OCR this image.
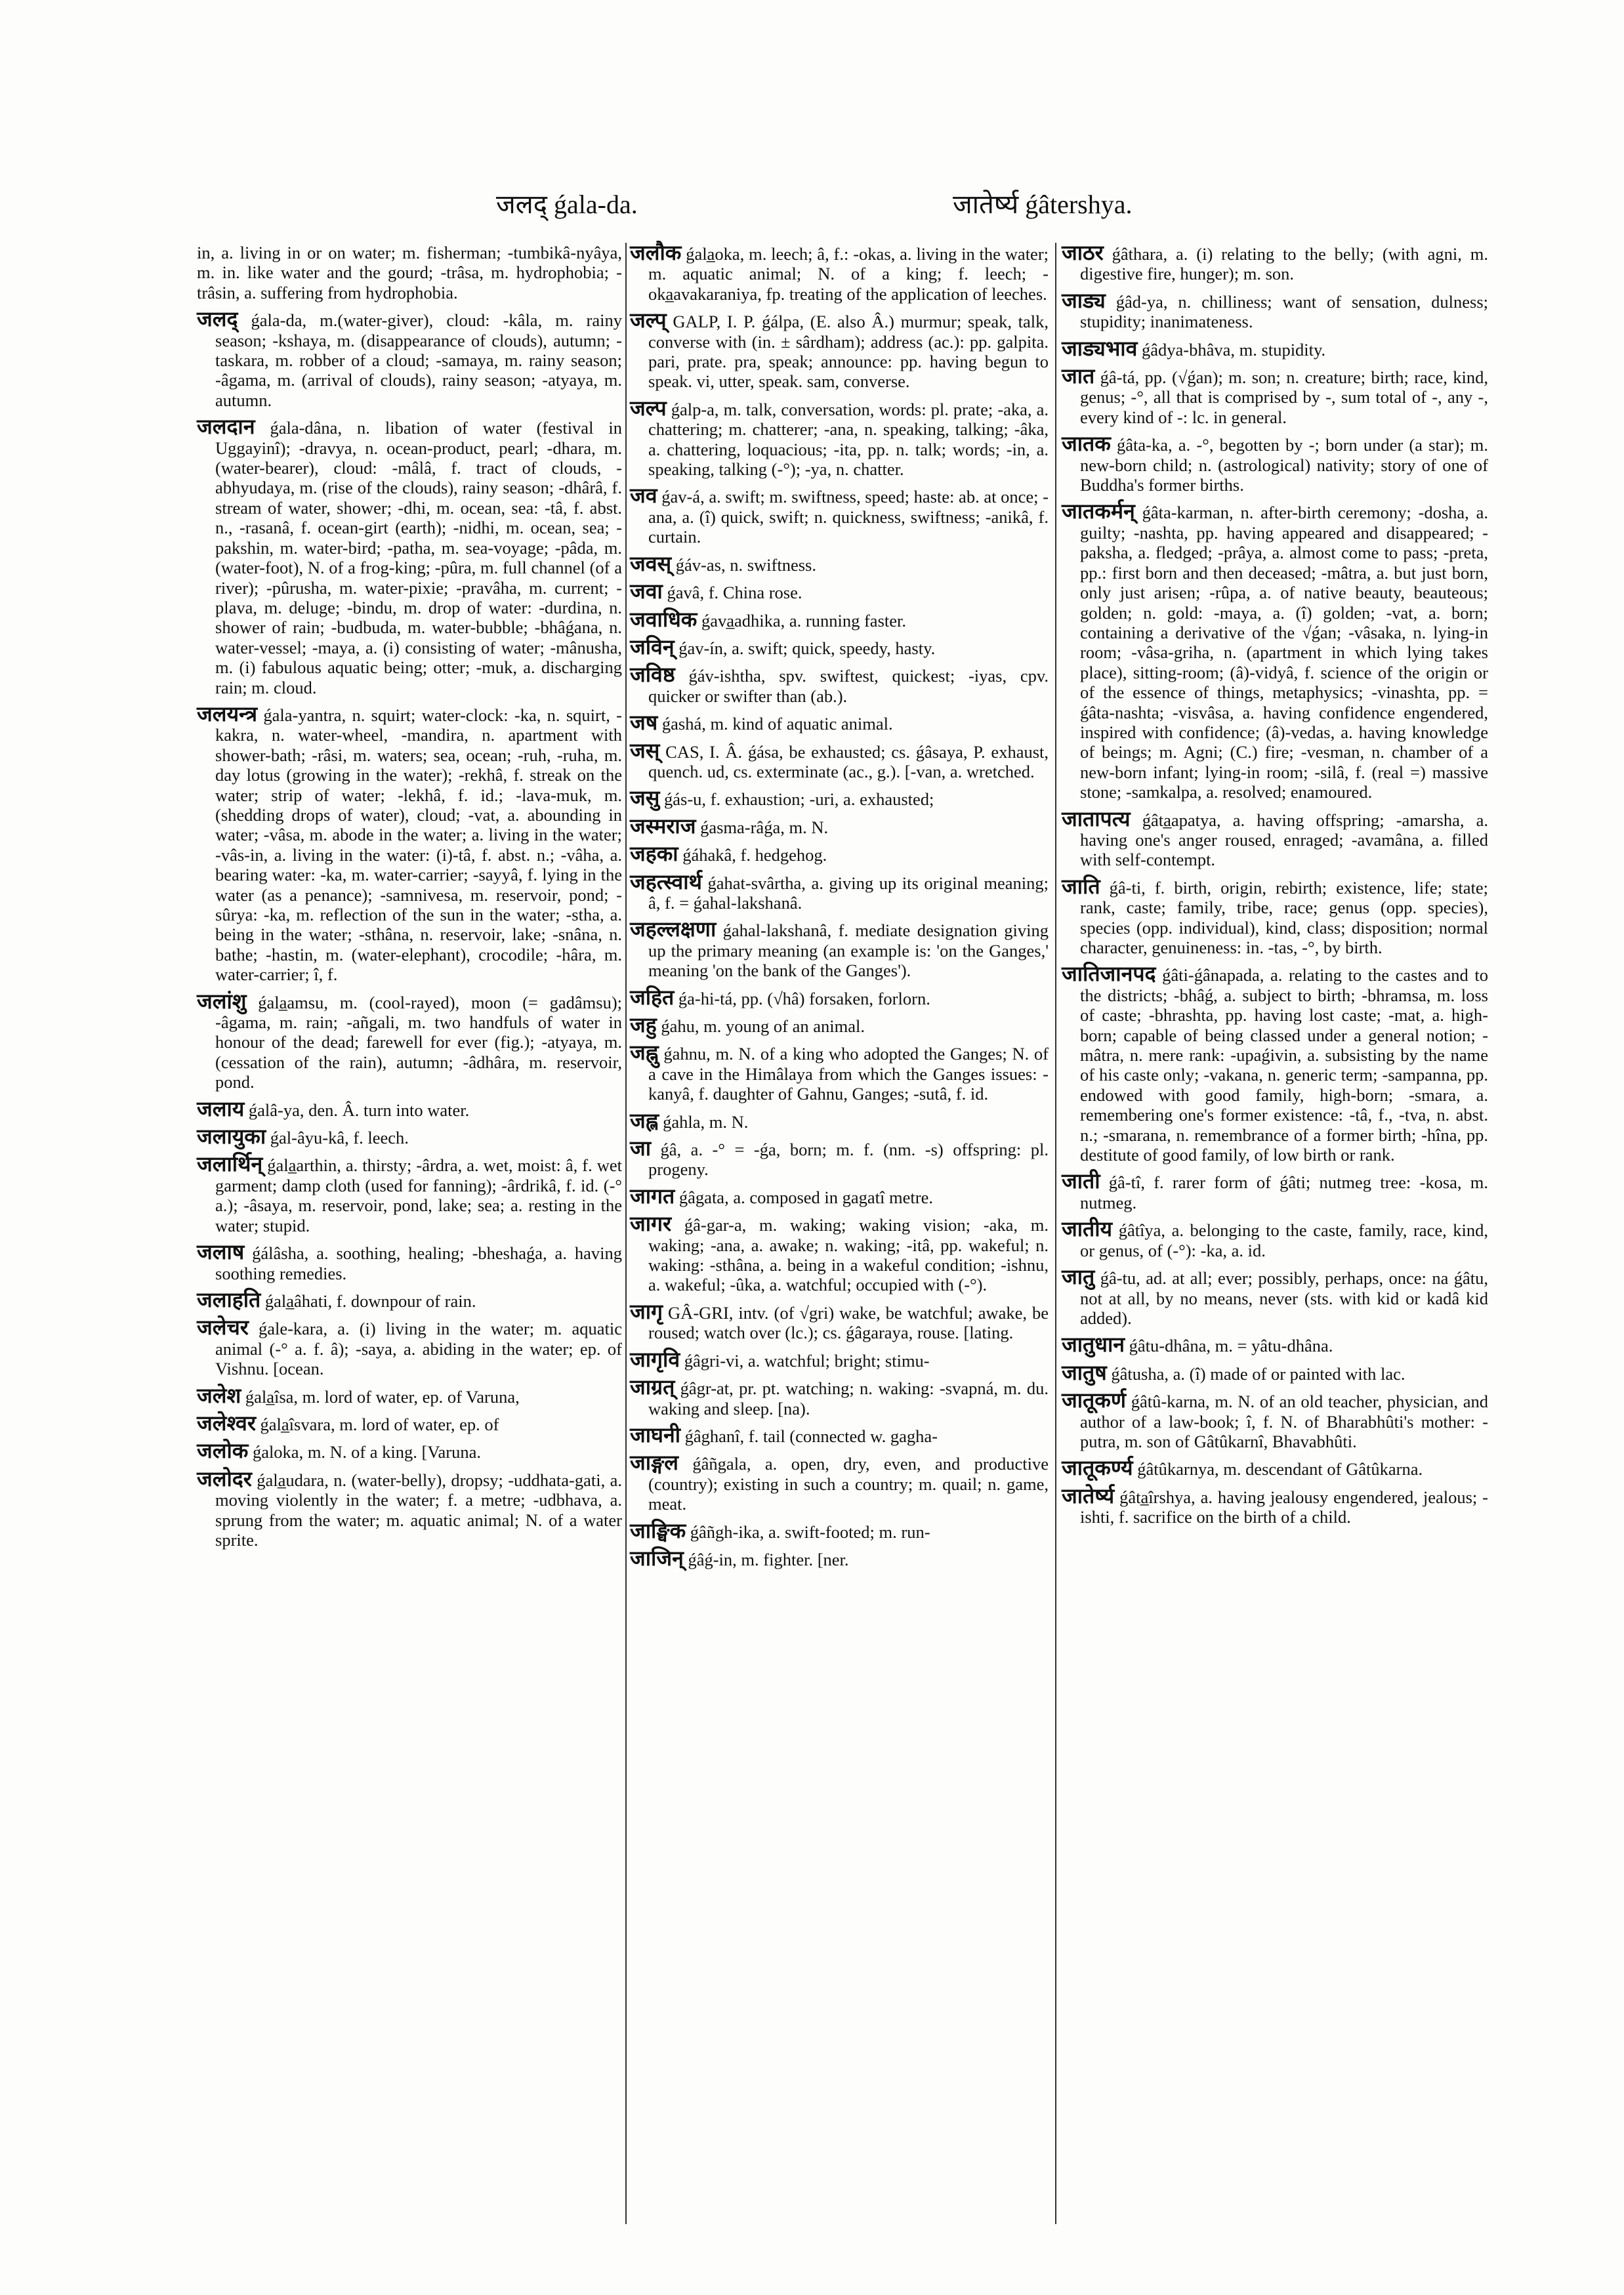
जलद् ǵala-da.	जातेर्ष्य ǵâtershya.

in, a. living in or on water; m. fisherman; -tumbikâ-nyâya, m. in. like water and the gourd; -trâsa, m. hydrophobia; -trâsin, a. suffering from hydrophobia.

जलद् ǵala-da, m.(water-giver), cloud: -kâla, m. rainy season; -kshaya, m. (disappearance of clouds), autumn; -taskara, m. robber of a cloud; -samaya, m. rainy season; -âgama, m. (arrival of clouds), rainy season; -atyaya, m. autumn.

जलदान ǵala-dâna, n. libation of water (festival in Uggayinî); -dravya, n. ocean-product, pearl; -dhara, m.(water-bearer), cloud: -mâlâ, f. tract of clouds, -abhyudaya, m. (rise of the clouds), rainy season; -dhârâ, f. stream of water, shower; -dhi, m. ocean, sea: -tâ, f. abst. n., -rasanâ, f. ocean-girt (earth); -nidhi, m. ocean, sea; -pakshin, m. water-bird; -patha, m. sea-voyage; -pâda, m. (water-foot), N. of a frog-king; -pûra, m. full channel (of a river); -pûrusha, m. water-pixie; -pravâha, m. current; -plava, m. deluge; -bindu, m. drop of water: -durdina, n. shower of rain; -budbuda, m. water-bubble; -bhâǵana, n. water-vessel; -maya, a. (i) consisting of water; -mânusha, m. (i) fabulous aquatic being; otter; -muk, a. discharging rain; m. cloud.

जलयन्त्र ǵala-yantra, n. squirt; water-clock: -ka, n. squirt, -kakra, n. water-wheel, -mandira, n. apartment with shower-bath; -râsi, m. waters; sea, ocean; -ruh, -ruha, m. day lotus (growing in the water); -rekhâ, f. streak on the water; strip of water; -lekhâ, f. id.; -lava-muk, m. (shedding drops of water), cloud; -vat, a. abounding in water; -vâsa, m. abode in the water; a. living in the water; -vâs-in, a. living in the water: (i)-tâ, f. abst. n.; -vâha, a. bearing water: -ka, m. water-carrier; -sayyâ, f. lying in the water (as a penance); -samnivesa, m. reservoir, pond; -sûrya: -ka, m. reflection of the sun in the water; -stha, a. being in the water; -sthâna, n. reservoir, lake; -snâna, n. bathe; -hastin, m. (water-elephant), crocodile; -hâra, m. water-carrier; î, f.

जलांशु ǵala̲amsu, m. (cool-rayed), moon (= gadâmsu); -âgama, m. rain; -añgali, m. two handfuls of water in honour of the dead; farewell for ever (fig.); -atyaya, m. (cessation of the rain), autumn; -âdhâra, m. reservoir, pond.

जलाय ǵalâ-ya, den. Â. turn into water.

जलायुका ǵal-âyu-kâ, f. leech.

जलार्थिन् ǵala̲arthin, a. thirsty; -ârdra, a. wet, moist: â, f. wet garment; damp cloth (used for fanning); -ârdrikâ, f. id. (-° a.); -âsaya, m. reservoir, pond, lake; sea; a. resting in the water; stupid.

जलाष ǵálâsha, a. soothing, healing; -bheshaǵa, a. having soothing remedies.

जलाहति ǵala̲âhati, f. downpour of rain.

जलेचर ǵale-kara, a. (i) living in the water; m. aquatic animal (-° a. f. â); -saya, a. abiding in the water; ep. of Vishnu. [ocean.

जलेश ǵala̲îsa, m. lord of water, ep. of Varuna,

जलेश्वर ǵala̲îsvara, m. lord of water, ep. of

जलोक ǵaloka, m. N. of a king. [Varuna.

जलोदर ǵala̲udara, n. (water-belly), dropsy; -uddhata-gati, a. moving violently in the water; f. a metre; -udbhava, a. sprung from the water; m. aquatic animal; N. of a water sprite.

जलौक ǵala̲oka, m. leech; â, f.: -okas, a. living in the water; m. aquatic animal; N. of a king; f. leech; -oka̲avakaraniya, fp. treating of the application of leeches.

जल्प् GALP, I. P. ǵálpa, (E. also Â.) murmur; speak, talk, converse with (in. ± sârdham); address (ac.): pp. galpita. pari, prate. pra, speak; announce: pp. having begun to speak. vi, utter, speak. sam, converse.

जल्प ǵalp-a, m. talk, conversation, words: pl. prate; -aka, a. chattering; m. chatterer; -ana, n. speaking, talking; -âka, a. chattering, loquacious; -ita, pp. n. talk; words; -in, a. speaking, talking (-°); -ya, n. chatter.

जव ǵav-á, a. swift; m. swiftness, speed; haste: ab. at once; -ana, a. (î) quick, swift; n. quickness, swiftness; -anikâ, f. curtain.

जवस् ǵáv-as, n. swiftness.

जवा ǵavâ, f. China rose.

जवाधिक ǵava̲adhika, a. running faster.

जविन् ǵav-ín, a. swift; quick, speedy, hasty.

जविष्ठ ǵáv-ishtha, spv. swiftest, quickest; -iyas, cpv. quicker or swifter than (ab.).

जष ǵashá, m. kind of aquatic animal.

जस् CAS, I. Â. ǵása, be exhausted; cs. ǵâsaya, P. exhaust, quench. ud, cs. exterminate (ac., g.). [-van, a. wretched.

जसु ǵás-u, f. exhaustion; -uri, a. exhausted;

जस्मराज ǵasma-râǵa, m. N.

जहका ǵáhakâ, f. hedgehog.

जहत्स्वार्थ ǵahat-svârtha, a. giving up its original meaning; â, f. = ǵahal-lakshanâ.

जहल्लक्षणा ǵahal-lakshanâ, f. mediate designation giving up the primary meaning (an example is: 'on the Ganges,' meaning 'on the bank of the Ganges').

जहित ǵa-hi-tá, pp. (√hâ) forsaken, forlorn.

जहु ǵahu, m. young of an animal.

जह्नु ǵahnu, m. N. of a king who adopted the Ganges; N. of a cave in the Himâlaya from which the Ganges issues: -kanyâ, f. daughter of Gahnu, Ganges; -sutâ, f. id.

जह्ल ǵahla, m. N.

जा ǵâ, a. -° = -ǵa, born; m. f. (nm. -s) offspring: pl. progeny.

जागत ǵâgata, a. composed in gagatî metre.

जागर ǵâ-gar-a, m. waking; waking vision; -aka, m. waking; -ana, a. awake; n. waking; -itâ, pp. wakeful; n. waking: -sthâna, a. being in a wakeful condition; -ishnu, a. wakeful; -ûka, a. watchful; occupied with (-°).

जागृ GÂ-GRI, intv. (of √gri) wake, be watchful; awake, be roused; watch over (lc.); cs. ǵâgaraya, rouse. [lating.

जागृवि ǵâgri-vi, a. watchful; bright; stimu-

जाग्रत् ǵâgr-at, pr. pt. watching; n. waking: -svapná, m. du. waking and sleep. [na).

जाघनी ǵâghanî, f. tail (connected w. gagha-

जाङ्गल ǵâñgala, a. open, dry, even, and productive (country); existing in such a country; m. quail; n. game, meat.

जाङ्घिक ǵâñgh-ika, a. swift-footed; m. run-

जाजिन् ǵâǵ-in, m. fighter. [ner.

जाठर ǵâthara, a. (i) relating to the belly; (with agni, m. digestive fire, hunger); m. son.

जाड्य ǵâd-ya, n. chilliness; want of sensation, dulness; stupidity; inanimateness.

जाड्यभाव ǵâdya-bhâva, m. stupidity.

जात ǵâ-tá, pp. (√ǵan); m. son; n. creature; birth; race, kind, genus; -°, all that is comprised by -, sum total of -, any -, every kind of -: lc. in general.

जातक ǵâta-ka, a. -°, begotten by -; born under (a star); m. new-born child; n. (astrological) nativity; story of one of Buddha's former births.

जातकर्मन् ǵâta-karman, n. after-birth ceremony; -dosha, a. guilty; -nashta, pp. having appeared and disappeared; -paksha, a. fledged; -prâya, a. almost come to pass; -preta, pp.: first born and then deceased; -mâtra, a. but just born, only just arisen; -rûpa, a. of native beauty, beauteous; golden; n. gold: -maya, a. (î) golden; -vat, a. born; containing a derivative of the √ǵan; -vâsaka, n. lying-in room; -vâsa-griha, n. (apartment in which lying takes place), sitting-room; (â)-vidyâ, f. science of the origin or of the essence of things, metaphysics; -vinashta, pp. = ǵâta-nashta; -visvâsa, a. having confidence engendered, inspired with confidence; (â)-vedas, a. having knowledge of beings; m. Agni; (C.) fire; -vesman, n. chamber of a new-born infant; lying-in room; -silâ, f. (real =) massive stone; -samkalpa, a. resolved; enamoured.

जातापत्य ǵâta̲apatya, a. having offspring; -amarsha, a. having one's anger roused, enraged; -avamâna, a. filled with self-contempt.

जाति ǵâ-ti, f. birth, origin, rebirth; existence, life; state; rank, caste; family, tribe, race; genus (opp. species), species (opp. individual), kind, class; disposition; normal character, genuineness: in. -tas, -°, by birth.

जातिजानपद ǵâti-ǵânapada, a. relating to the castes and to the districts; -bhâǵ, a. subject to birth; -bhramsa, m. loss of caste; -bhrashta, pp. having lost caste; -mat, a. high-born; capable of being classed under a general notion; -mâtra, n. mere rank: -upaǵivin, a. subsisting by the name of his caste only; -vakana, n. generic term; -sampanna, pp. endowed with good family, high-born; -smara, a. remembering one's former existence: -tâ, f., -tva, n. abst. n.; -smarana, n. remembrance of a former birth; -hîna, pp. destitute of good family, of low birth or rank.

जाती ǵâ-tî, f. rarer form of ǵâti; nutmeg tree: -kosa, m. nutmeg.

जातीय ǵâtîya, a. belonging to the caste, family, race, kind, or genus, of (-°): -ka, a. id.

जातु ǵâ-tu, ad. at all; ever; possibly, perhaps, once: na ǵâtu, not at all, by no means, never (sts. with kid or kadâ kid added).

जातुधान ǵâtu-dhâna, m. = yâtu-dhâna.

जातुष ǵâtusha, a. (î) made of or painted with lac.

जातूकर्ण ǵâtû-karna, m. N. of an old teacher, physician, and author of a law-book; î, f. N. of Bharabhûti's mother: -putra, m. son of Gâtûkarnî, Bhavabhûti.

जातूकर्ण्य ǵâtûkarnya, m. descendant of Gâtûkarna.

जातेर्ष्य ǵâta̲îrshya, a. having jealousy engendered, jealous; -ishti, f. sacrifice on the birth of a child.
